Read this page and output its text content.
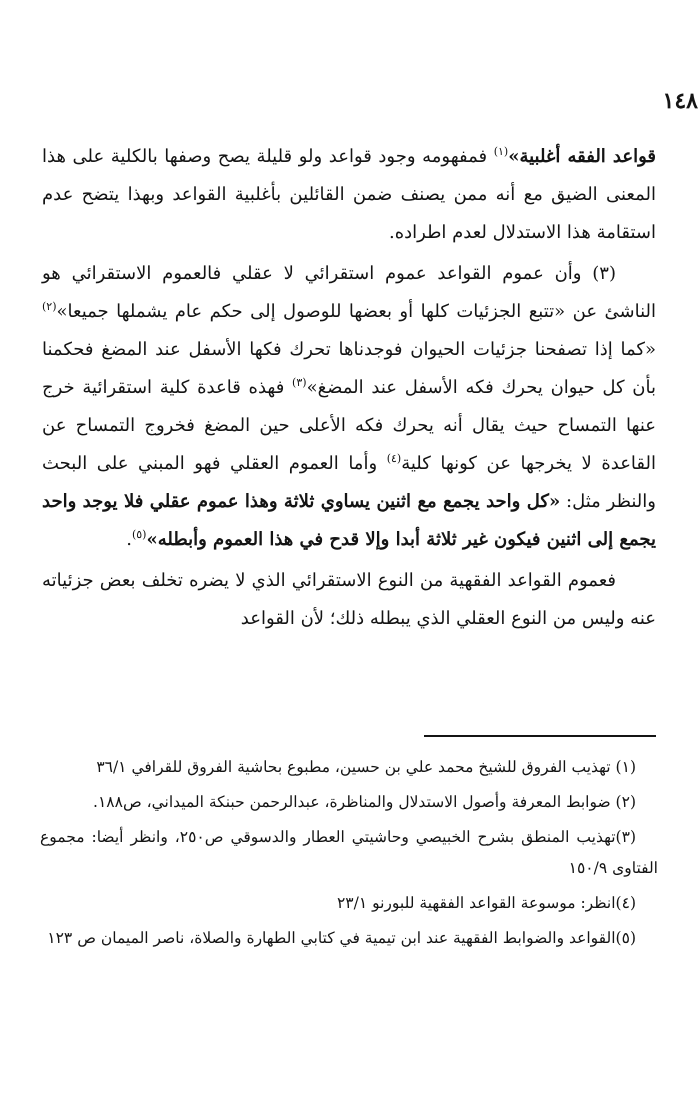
١٤٨

قواعد الفقه أغلبية»$^{(١)}$ فمفهومه وجود قواعد ولو قليلة يصح وصفها بالكلية على هذا المعنى الضيق مع أنه ممن يصنف ضمن القائلين بأغلبية القواعد وبهذا يتضح عدم استقامة هذا الاستدلال لعدم اطراده.

(٣) وأن عموم القواعد عموم استقرائي لا عقلي فالعموم الاستقرائي هو الناشئ عن «تتبع الجزئيات كلها أو بعضها للوصول إلى حكم عام يشملها جميعا»$^{(٢)}$ «كما إذا تصفحنا جزئيات الحيوان فوجدناها تحرك فكها الأسفل عند المضغ فحكمنا بأن كل حيوان يحرك فكه الأسفل عند المضغ»$^{(٣)}$ فهذه قاعدة كلية استقرائية خرج عنها التمساح حيث يقال أنه يحرك فكه الأعلى حين المضغ فخروج التمساح عن القاعدة لا يخرجها عن كونها كلية$^{(٤)}$ وأما العموم العقلي فهو المبني على البحث والنظر مثل: «كل واحد يجمع مع اثنين يساوي ثلاثة وهذا عموم عقلي فلا يوجد واحد يجمع إلى اثنين فيكون غير ثلاثة أبدا وإلا قدح في هذا العموم وأبطله»$^{(٥)}$.

فعموم القواعد الفقهية من النوع الاستقرائي الذي لا يضره تخلف بعض جزئياته عنه وليس من النوع العقلي الذي يبطله ذلك؛ لأن القواعد

(١) تهذيب الفروق للشيخ محمد علي بن حسين، مطبوع بحاشية الفروق للقرافي ٣٦/١
(٢) ضوابط المعرفة وأصول الاستدلال والمناظرة، عبدالرحمن حبنكة الميداني، ص١٨٨.
(٣)تهذيب المنطق بشرح الخبيصي وحاشيتي العطار والدسوقي ص٢٥٠، وانظر أيضا: مجموع الفتاوى ١٥٠/٩
(٤)انظر: موسوعة القواعد الفقهية للبورنو ٢٣/١
(٥)القواعد والضوابط الفقهية عند ابن تيمية في كتابي الطهارة والصلاة، ناصر الميمان ص ١٢٣
